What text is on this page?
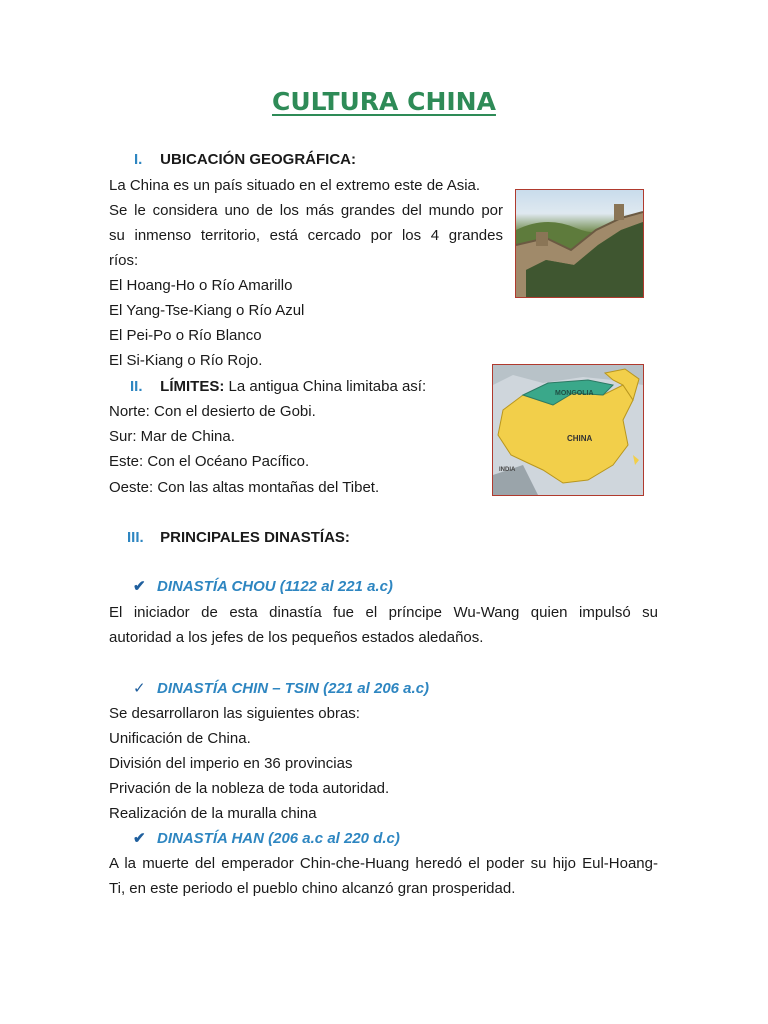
CULTURA CHINA
I. UBICACIÓN GEOGRÁFICA:
La China es un país situado en el extremo este de Asia.
Se le considera uno de los más grandes del mundo por
su inmenso territorio, está cercado por los 4 grandes
ríos:
El Hoang-Ho o Río Amarillo
El Yang-Tse-Kiang o Río Azul
El Pei-Po o Río Blanco
El Si-Kiang o Río Rojo.
II. LÍMITES: La antigua China limitaba así:
Norte: Con el desierto de Gobi.
Sur: Mar de China.
Este: Con el Océano Pacífico.
Oeste: Con las altas montañas del Tibet.
MONGOLIA
CHINA
INDIA
III. PRINCIPALES DINASTÍAS:
✔ DINASTÍA CHOU (1122 al 221 a.c)
El iniciador de esta dinastía fue el príncipe Wu-Wang quien impulsó su
autoridad a los jefes de los pequeños estados aledaños.
✓ DINASTÍA CHIN – TSIN (221 al 206 a.c)
Se desarrollaron las siguientes obras:
Unificación de China.
División del imperio en 36 provincias
Privación de la nobleza de toda autoridad.
Realización de la muralla china
✔ DINASTÍA HAN (206 a.c al 220 d.c)
A la muerte del emperador Chin-che-Huang heredó el poder su hijo Eul-Hoang-
Ti, en este periodo el pueblo chino alcanzó gran prosperidad.
